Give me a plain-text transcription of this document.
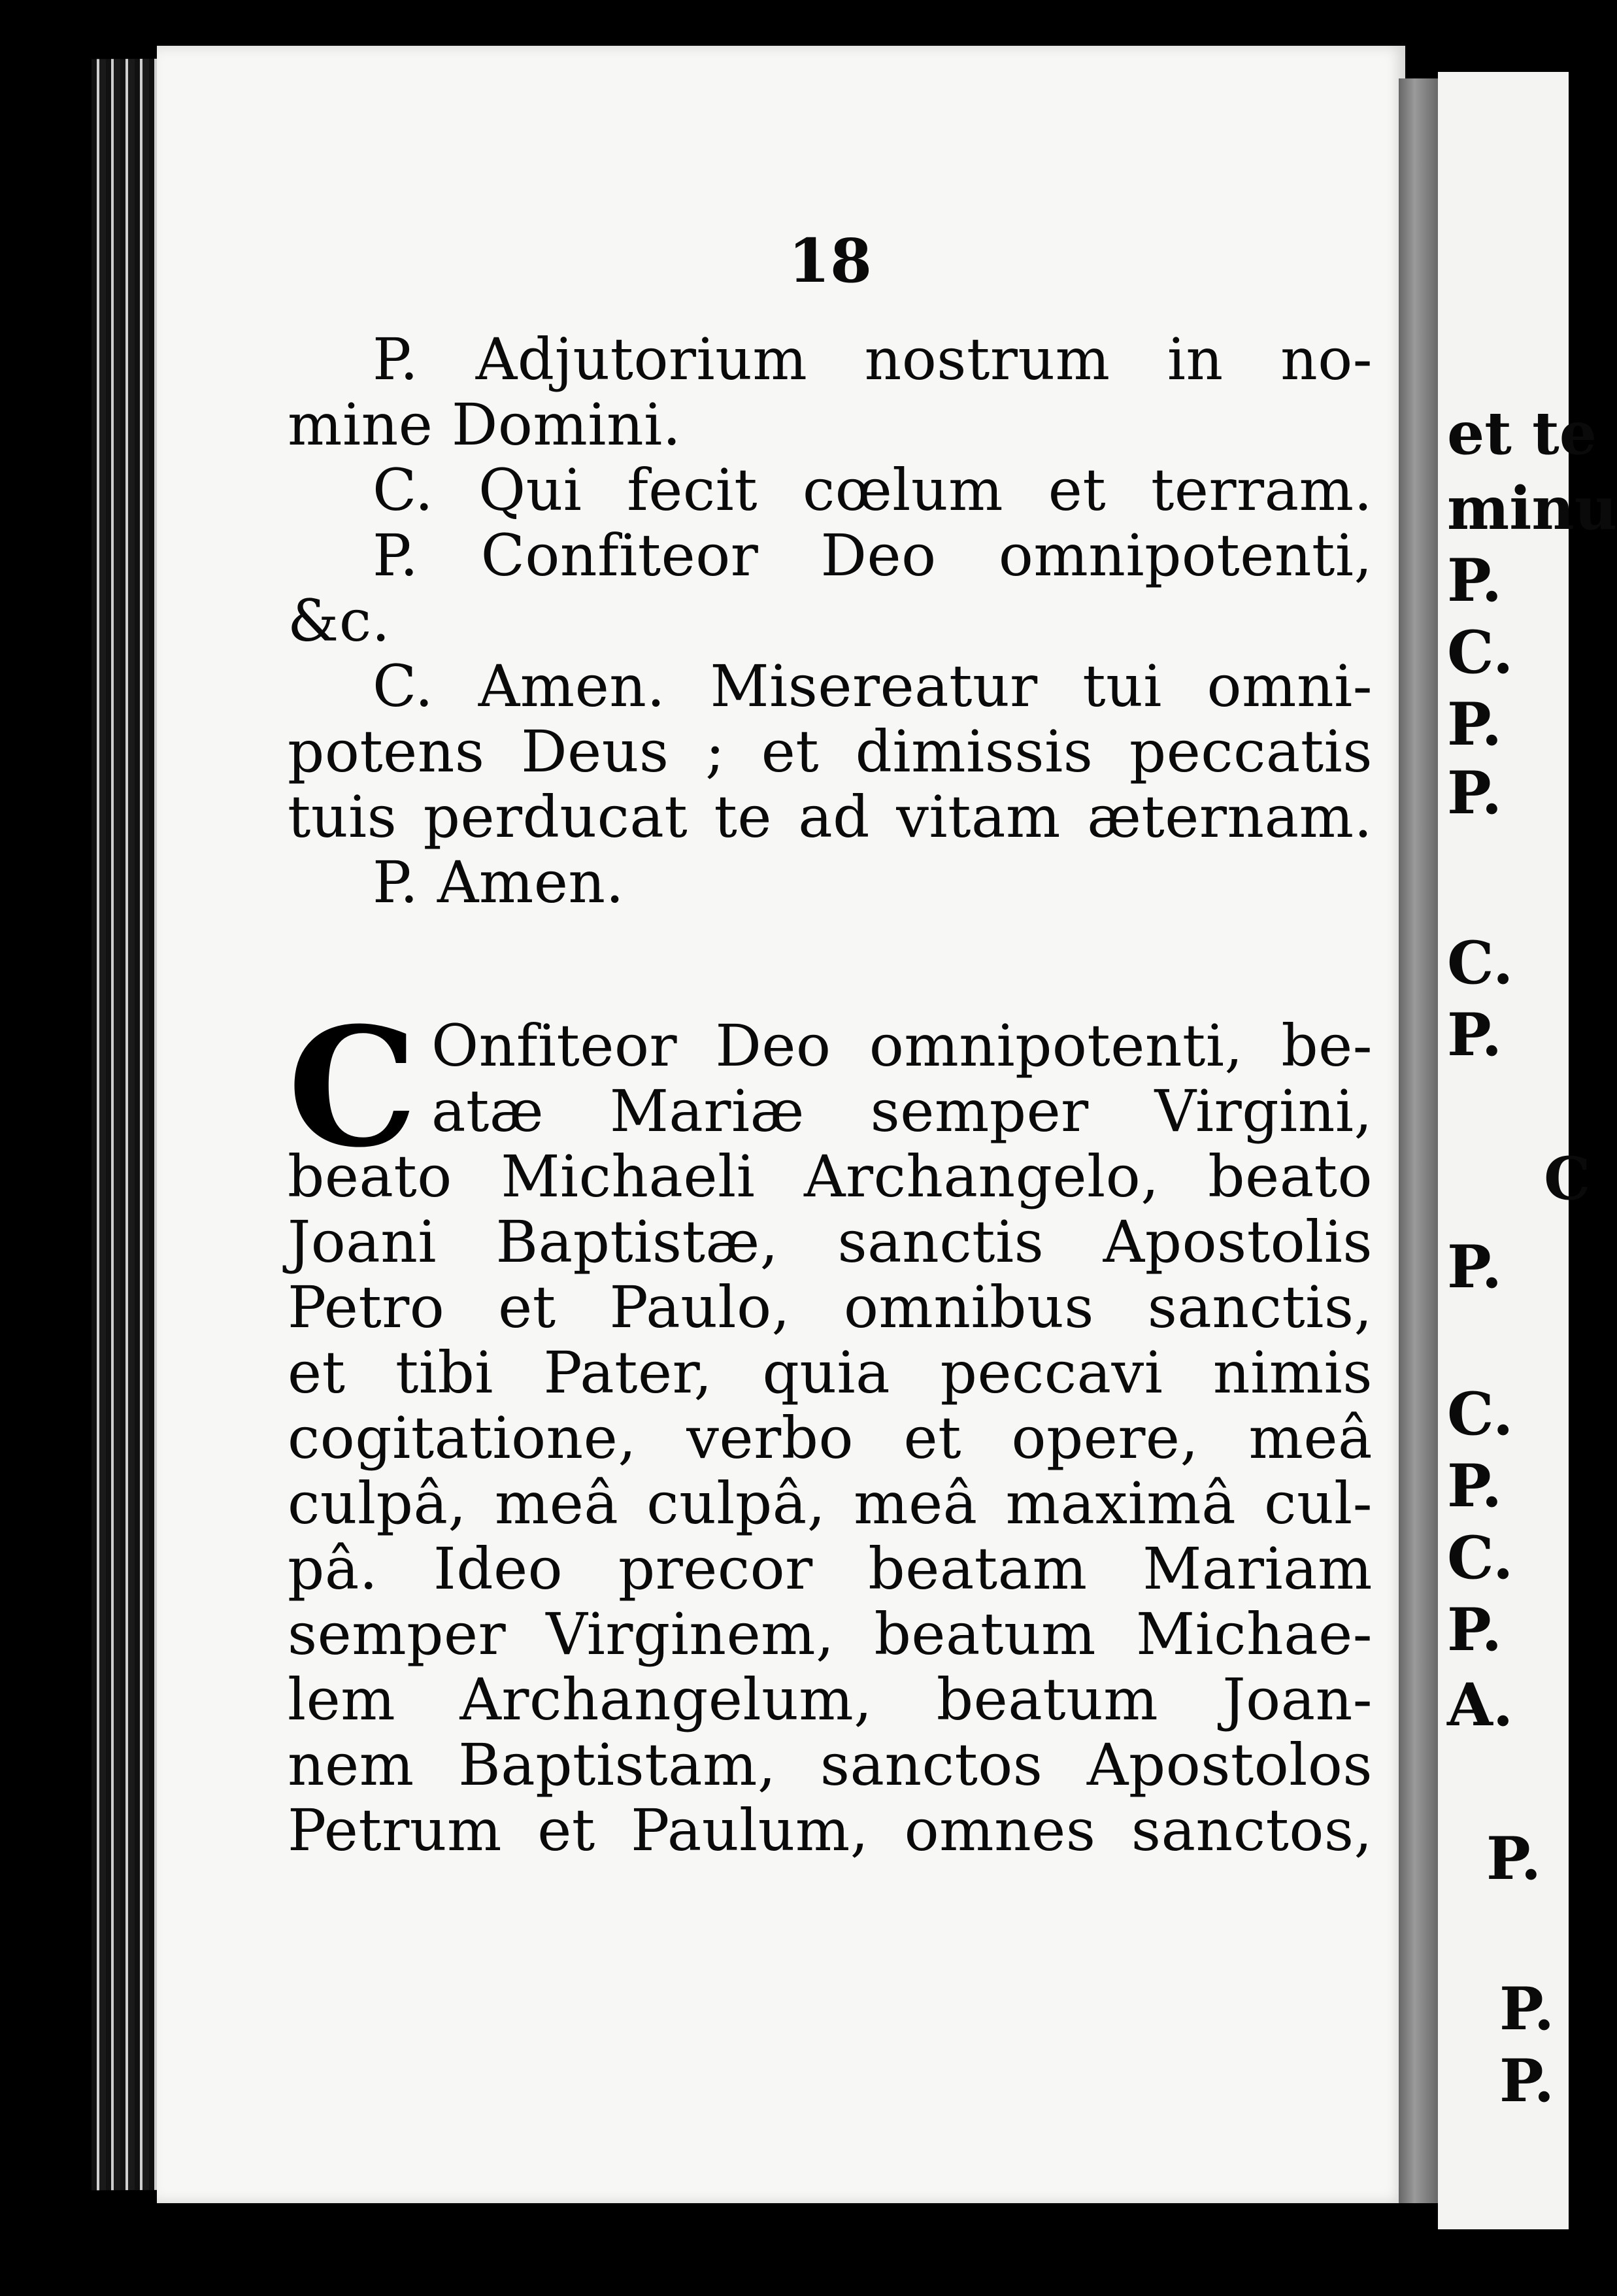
et te
minu
P.
C.
P.
P.
C.
P.
C
P.
C.
P.
C.
P.
A.
P.
P.
P.
18
P. Adjutorium nostrum in no-
mine Domini.
C. Qui fecit cœlum et terram.
P. Confiteor Deo omnipotenti,
&c.
C. Amen. Misereatur tui omni-
potens Deus ; et dimissis peccatis
tuis perducat te ad vitam æternam.
P. Amen.
C Onfiteor Deo omnipotenti, be-
atæ Mariæ semper Virgini,
beato Michaeli Archangelo, beato
Joani Baptistæ, sanctis Apostolis
Petro et Paulo, omnibus sanctis,
et tibi Pater, quia peccavi nimis
cogitatione, verbo et opere, meâ
culpâ, meâ culpâ, meâ maximâ cul-
pâ. Ideo precor beatam Mariam
semper Virginem, beatum Michae-
lem Archangelum, beatum Joan-
nem Baptistam, sanctos Apostolos
Petrum et Paulum, omnes sanctos,
